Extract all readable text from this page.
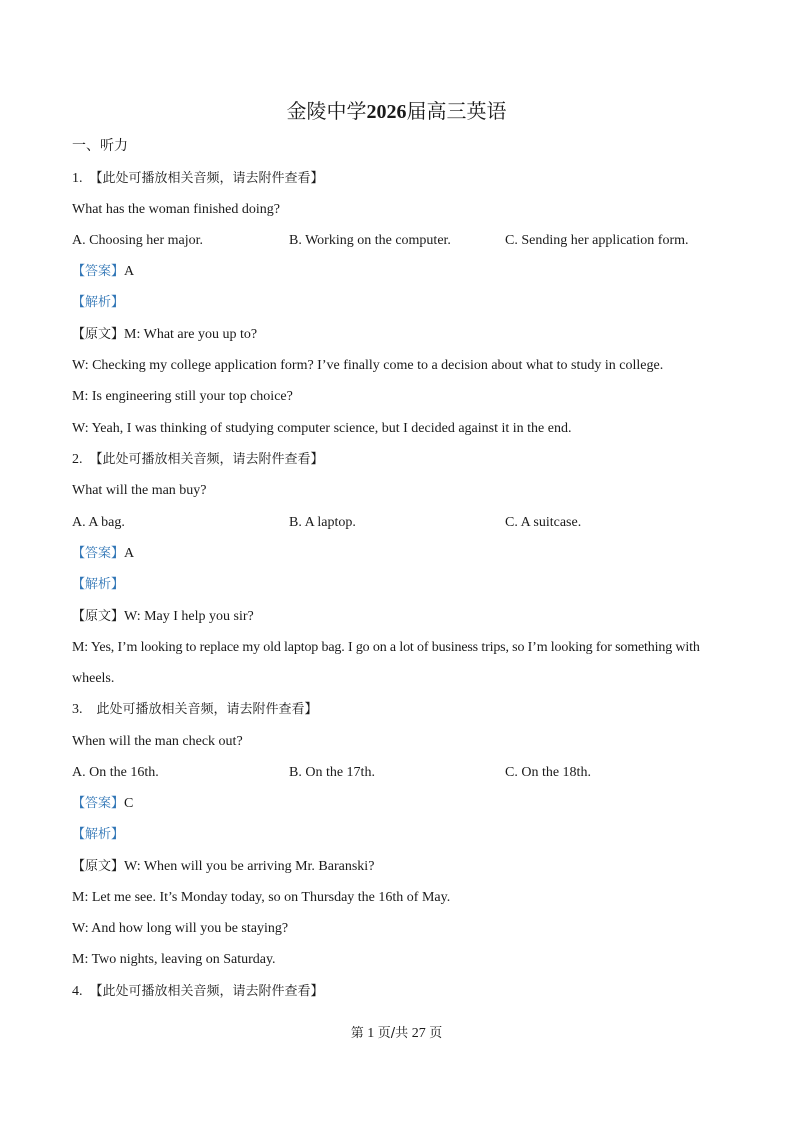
金陵中学2026届高三英语
一、听力
1. 【此处可播放相关音频，请去附件查看】
What has the woman finished doing?
A. Choosing her major.	B. Working on the computer.	C. Sending her application form.
【答案】A
【解析】
【原文】M: What are you up to?
W: Checking my college application form? I’ve finally come to a decision about what to study in college.
M: Is engineering still your top choice?
W: Yeah, I was thinking of studying computer science, but I decided against it in the end.
2. 【此处可播放相关音频，请去附件查看】
What will the man buy?
A. A bag.	B. A laptop.	C. A suitcase.
【答案】A
【解析】
【原文】W: May I help you sir?
M: Yes, I’m looking to replace my old laptop bag. I go on a lot of business trips, so I’m looking for something with
wheels.
3. 此处可播放相关音频，请去附件查看】
When will the man check out?
A. On the 16th.	B. On the 17th.	C. On the 18th.
【答案】C
【解析】
【原文】W: When will you be arriving Mr. Baranski?
M: Let me see. It’s Monday today, so on Thursday the 16th of May.
W: And how long will you be staying?
M: Two nights, leaving on Saturday.
4. 【此处可播放相关音频，请去附件查看】
第 1 页/共 27 页
